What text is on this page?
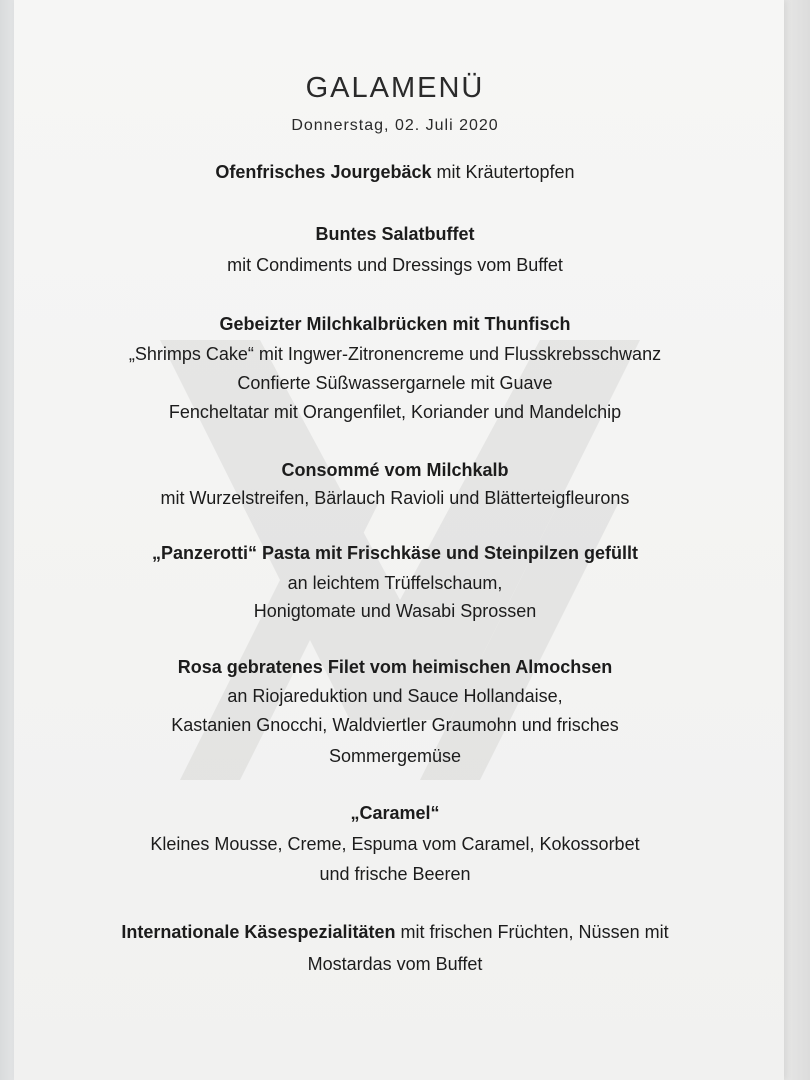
GALAMENÜ
Donnerstag, 02. Juli 2020
Ofenfrisches Jourgebäck mit Kräutertopfen
Buntes Salatbuffet
mit Condiments und Dressings vom Buffet
Gebeizter Milchkalbrücken mit Thunfisch
„Shrimps Cake“ mit Ingwer-Zitronencreme und Flusskrebsschwanz
Confierte Süßwassergarnele mit Guave
Fencheltatar mit Orangenfilet, Koriander und Mandelchip
Consommé vom Milchkalb
mit Wurzelstreifen, Bärlauch Ravioli und Blätterteigfleurons
„Panzerotti“ Pasta mit Frischkäse und Steinpilzen gefüllt
an leichtem Trüffelschaum,
Honigtomate und Wasabi Sprossen
Rosa gebratenes Filet vom heimischen Almochsen
an Riojareduktion und Sauce Hollandaise,
Kastanien Gnocchi, Waldviertler Graumohn und frisches
Sommergemüse
„Caramel“
Kleines Mousse, Creme, Espuma vom Caramel, Kokossorbet
und frische Beeren
Internationale Käsespezialitäten mit frischen Früchten, Nüssen mit
Mostardas vom Buffet
